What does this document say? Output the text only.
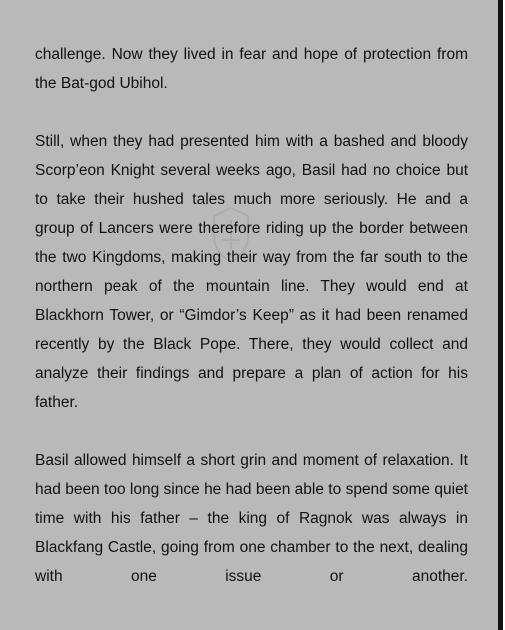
challenge. Now they lived in fear and hope of protection from the Bat-god Ubihol.

Still, when they had presented him with a bashed and bloody Scorp’eon Knight several weeks ago, Basil had no choice but to take their hushed tales much more seriously. He and a group of Lancers were therefore riding up the border between the two Kingdoms, making their way from the far south to the northern peak of the mountain line. They would end at Blackhorn Tower, or “Gimdor’s Keep” as it had been renamed recently by the Black Pope. There, they would collect and analyze their findings and prepare a plan of action for his father.

Basil allowed himself a short grin and moment of relaxation. It had been too long since he had been able to spend some quiet time with his father – the king of Ragnok was always in Blackfang Castle, going from one chamber to the next, dealing with one issue or another.
